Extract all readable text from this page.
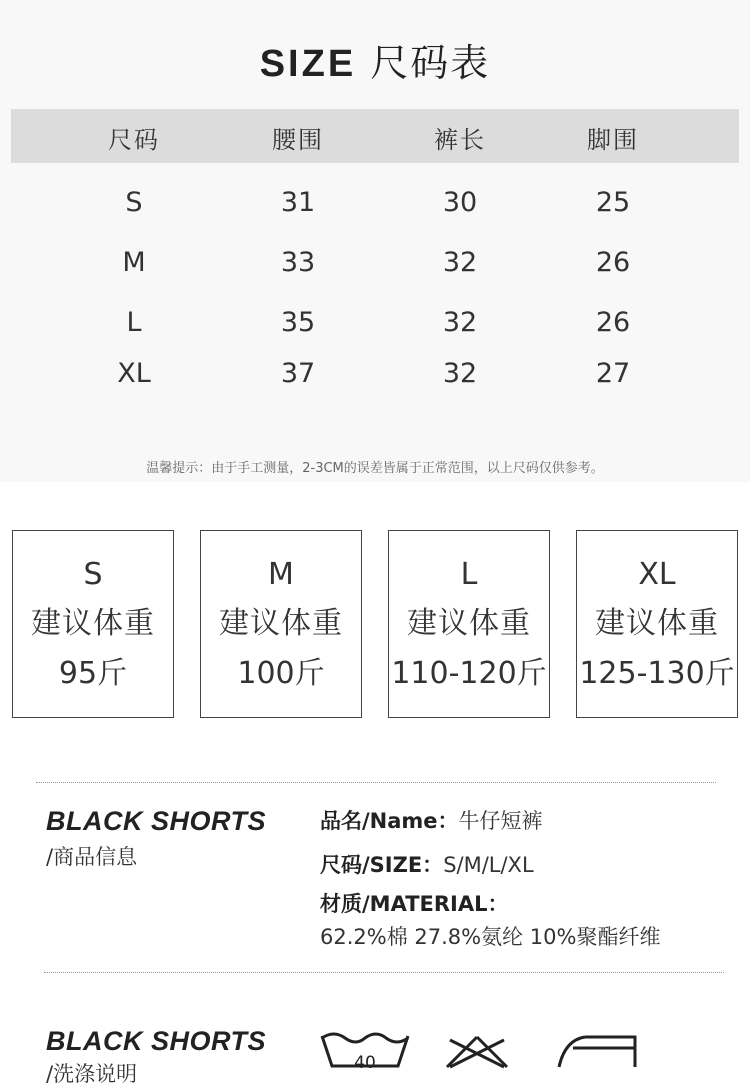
SIZE 尺码表
尺码	腰围	裤长	脚围
S	31	30	25
M	33	32	26
L	35	32	26
XL	37	32	27
温馨提示：由于手工测量，2-3CM的误差皆属于正常范围，以上尺码仅供参考。
S
建议体重
95斤
M
建议体重
100斤
L
建议体重
110-120斤
XL
建议体重
125-130斤
BLACK SHORTS
/商品信息
品名/Name：牛仔短裤
尺码/SIZE：S/M/L/XL
材质/MATERIAL：
62.2%棉 27.8%氨纶 10%聚酯纤维
BLACK SHORTS
/洗涤说明	40
